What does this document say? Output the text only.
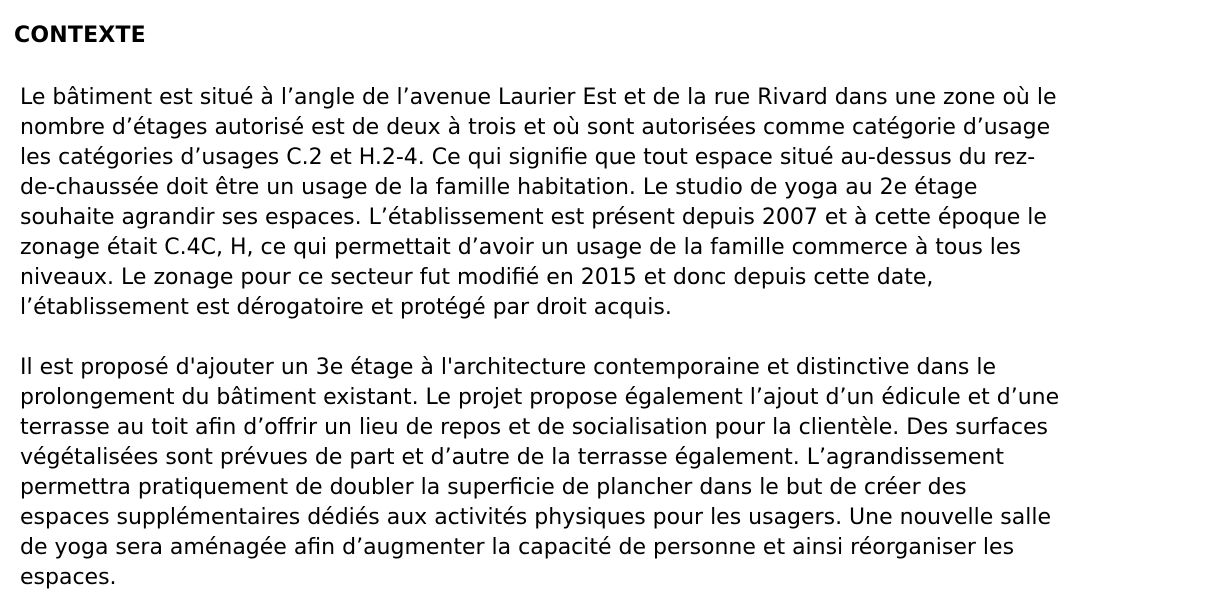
CONTEXTE
Le bâtiment est situé à l’angle de l’avenue Laurier Est et de la rue Rivard dans une zone où le
nombre d’étages autorisé est de deux à trois et où sont autorisées comme catégorie d’usage
les catégories d’usages C.2 et H.2-4. Ce qui signifie que tout espace situé au-dessus du rez-
de-chaussée doit être un usage de la famille habitation. Le studio de yoga au 2e étage
souhaite agrandir ses espaces. L’établissement est présent depuis 2007 et à cette époque le
zonage était C.4C, H, ce qui permettait d’avoir un usage de la famille commerce à tous les
niveaux. Le zonage pour ce secteur fut modifié en 2015 et donc depuis cette date,
l’établissement est dérogatoire et protégé par droit acquis.
Il est proposé d'ajouter un 3e étage à l'architecture contemporaine et distinctive dans le
prolongement du bâtiment existant. Le projet propose également l’ajout d’un édicule et d’une
terrasse au toit afin d’offrir un lieu de repos et de socialisation pour la clientèle. Des surfaces
végétalisées sont prévues de part et d’autre de la terrasse également. L’agrandissement
permettra pratiquement de doubler la superficie de plancher dans le but de créer des
espaces supplémentaires dédiés aux activités physiques pour les usagers. Une nouvelle salle
de yoga sera aménagée afin d’augmenter la capacité de personne et ainsi réorganiser les
espaces.
